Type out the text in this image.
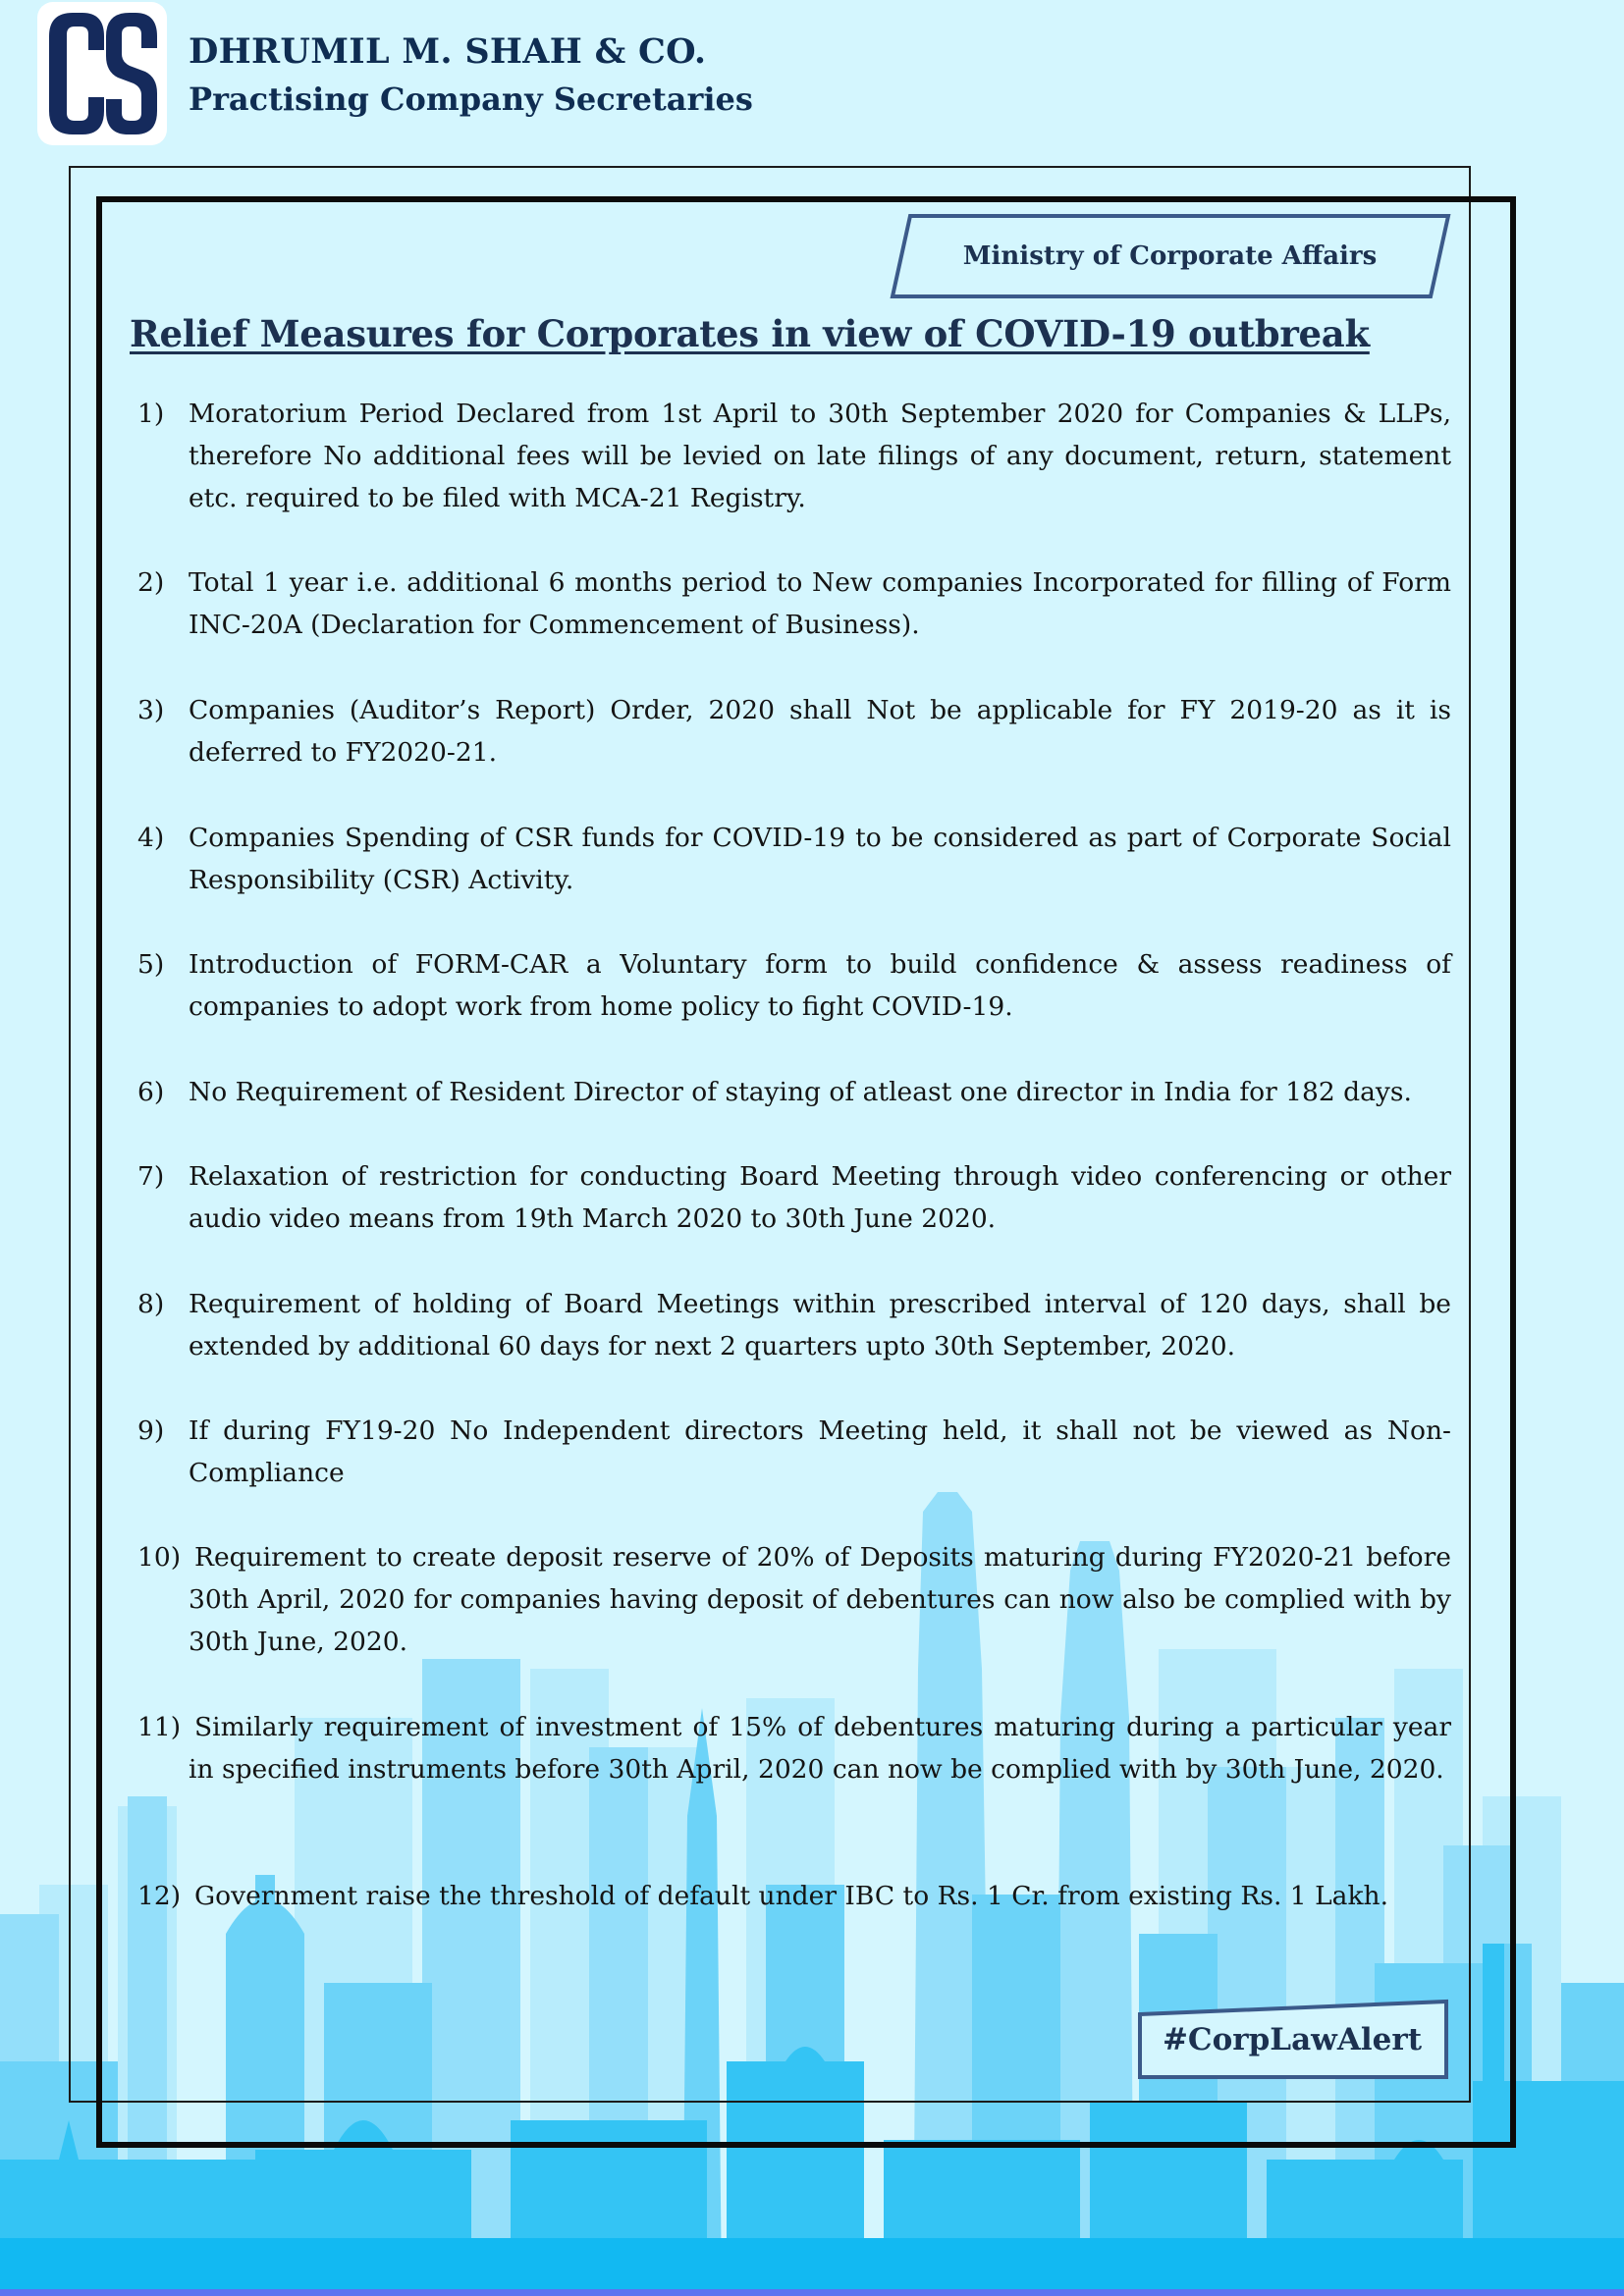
DHRUMIL M. SHAH & CO.
Practising Company Secretaries
Ministry of Corporate Affairs
Relief Measures for Corporates in view of COVID-19 outbreak
1) Moratorium Period Declared from 1st April to 30th September 2020 for Companies & LLPs, therefore No additional fees will be levied on late filings of any document, return, statement etc. required to be filed with MCA-21 Registry.
2) Total 1 year i.e. additional 6 months period to New companies Incorporated for filling of Form INC-20A (Declaration for Commencement of Business).
3) Companies (Auditor’s Report) Order, 2020 shall Not be applicable for FY 2019-20 as it is deferred to FY2020-21.
4) Companies Spending of CSR funds for COVID-19 to be considered as part of Corporate Social Responsibility (CSR) Activity.
5) Introduction of FORM-CAR a Voluntary form to build confidence & assess readiness of companies to adopt work from home policy to fight COVID-19.
6) No Requirement of Resident Director of staying of atleast one director in India for 182 days.
7) Relaxation of restriction for conducting Board Meeting through video conferencing or other audio video means from 19th March 2020 to 30th June 2020.
8) Requirement of holding of Board Meetings within prescribed interval of 120 days, shall be extended by additional 60 days for next 2 quarters upto 30th September, 2020.
9) If during FY19-20 No Independent directors Meeting held, it shall not be viewed as Non-Compliance
10) Requirement to create deposit reserve of 20% of Deposits maturing during FY2020-21 before 30th April, 2020 for companies having deposit of debentures can now also be complied with by 30th June, 2020.
11) Similarly requirement of investment of 15% of debentures maturing during a particular year in specified instruments before 30th April, 2020 can now be complied with by 30th June, 2020.
12) Government raise the threshold of default under IBC to Rs. 1 Cr. from existing Rs. 1 Lakh.
#CorpLawAlert
